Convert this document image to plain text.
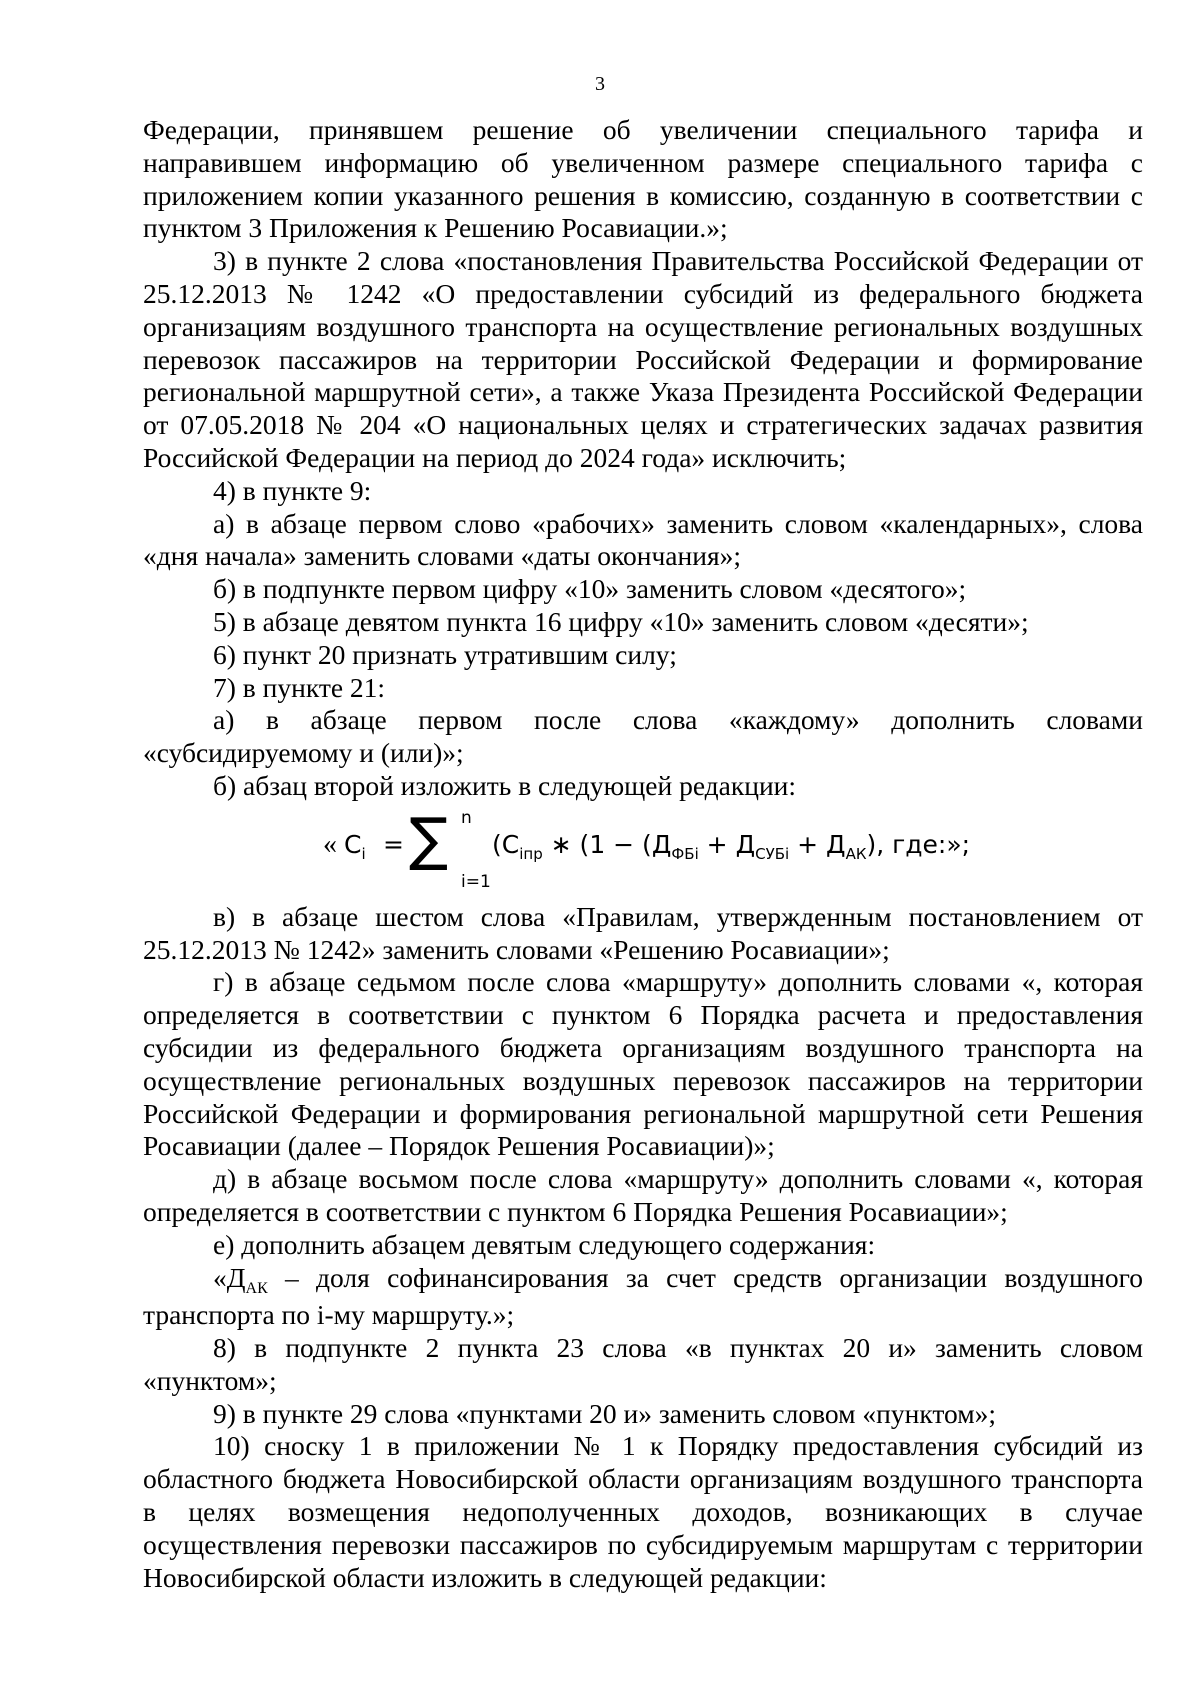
3

Федерации, принявшем решение об увеличении специального тарифа и направившем информацию об увеличенном размере специального тарифа с приложением копии указанного решения в комиссию, созданную в соответствии с пунктом 3 Приложения к Решению Росавиации.»;

3) в пункте 2 слова «постановления Правительства Российской Федерации от 25.12.2013 № 1242 «О предоставлении субсидий из федерального бюджета организациям воздушного транспорта на осуществление региональных воздушных перевозок пассажиров на территории Российской Федерации и формирование региональной маршрутной сети», а также Указа Президента Российской Федерации от 07.05.2018 № 204 «О национальных целях и стратегических задачах развития Российской Федерации на период до 2024 года» исключить;

4) в пункте 9:

а) в абзаце первом слово «рабочих» заменить словом «календарных», слова «дня начала» заменить словами «даты окончания»;

б) в подпункте первом цифру «10» заменить словом «десятого»;

5) в абзаце девятом пункта 16 цифру «10» заменить словом «десяти»;

6) пункт 20 признать утратившим силу;

7) в пункте 21:

а) в абзаце первом после слова «каждому» дополнить словами «субсидируемому и (или)»;

б) абзац второй изложить в следующей редакции:

« $C_i$ = ∑ n
i=1
($C_{iпр}$ ∗ ($1 - (Д_{ФБi} + Д_{СУБi} + Д_{АК})$, где:»;

в) в абзаце шестом слова «Правилам, утвержденным постановлением от 25.12.2013 № 1242» заменить словами «Решению Росавиации»;

г) в абзаце седьмом после слова «маршруту» дополнить словами «, которая определяется в соответствии с пунктом 6 Порядка расчета и предоставления субсидии из федерального бюджета организациям воздушного транспорта на осуществление региональных воздушных перевозок пассажиров на территории Российской Федерации и формирования региональной маршрутной сети Решения Росавиации (далее – Порядок Решения Росавиации)»;

д) в абзаце восьмом после слова «маршруту» дополнить словами «, которая определяется в соответствии с пунктом 6 Порядка Решения Росавиации»;

е) дополнить абзацем девятым следующего содержания:

«$Д_{АК}$ – доля софинансирования за счет средств организации воздушного транспорта по i-му маршруту.»;

8) в подпункте 2 пункта 23 слова «в пунктах 20 и» заменить словом «пунктом»;

9) в пункте 29 слова «пунктами 20 и» заменить словом «пунктом»;

10) сноску 1 в приложении № 1 к Порядку предоставления субсидий из областного бюджета Новосибирской области организациям воздушного транспорта в целях возмещения недополученных доходов, возникающих в случае осуществления перевозки пассажиров по субсидируемым маршрутам с территории Новосибирской области изложить в следующей редакции:
